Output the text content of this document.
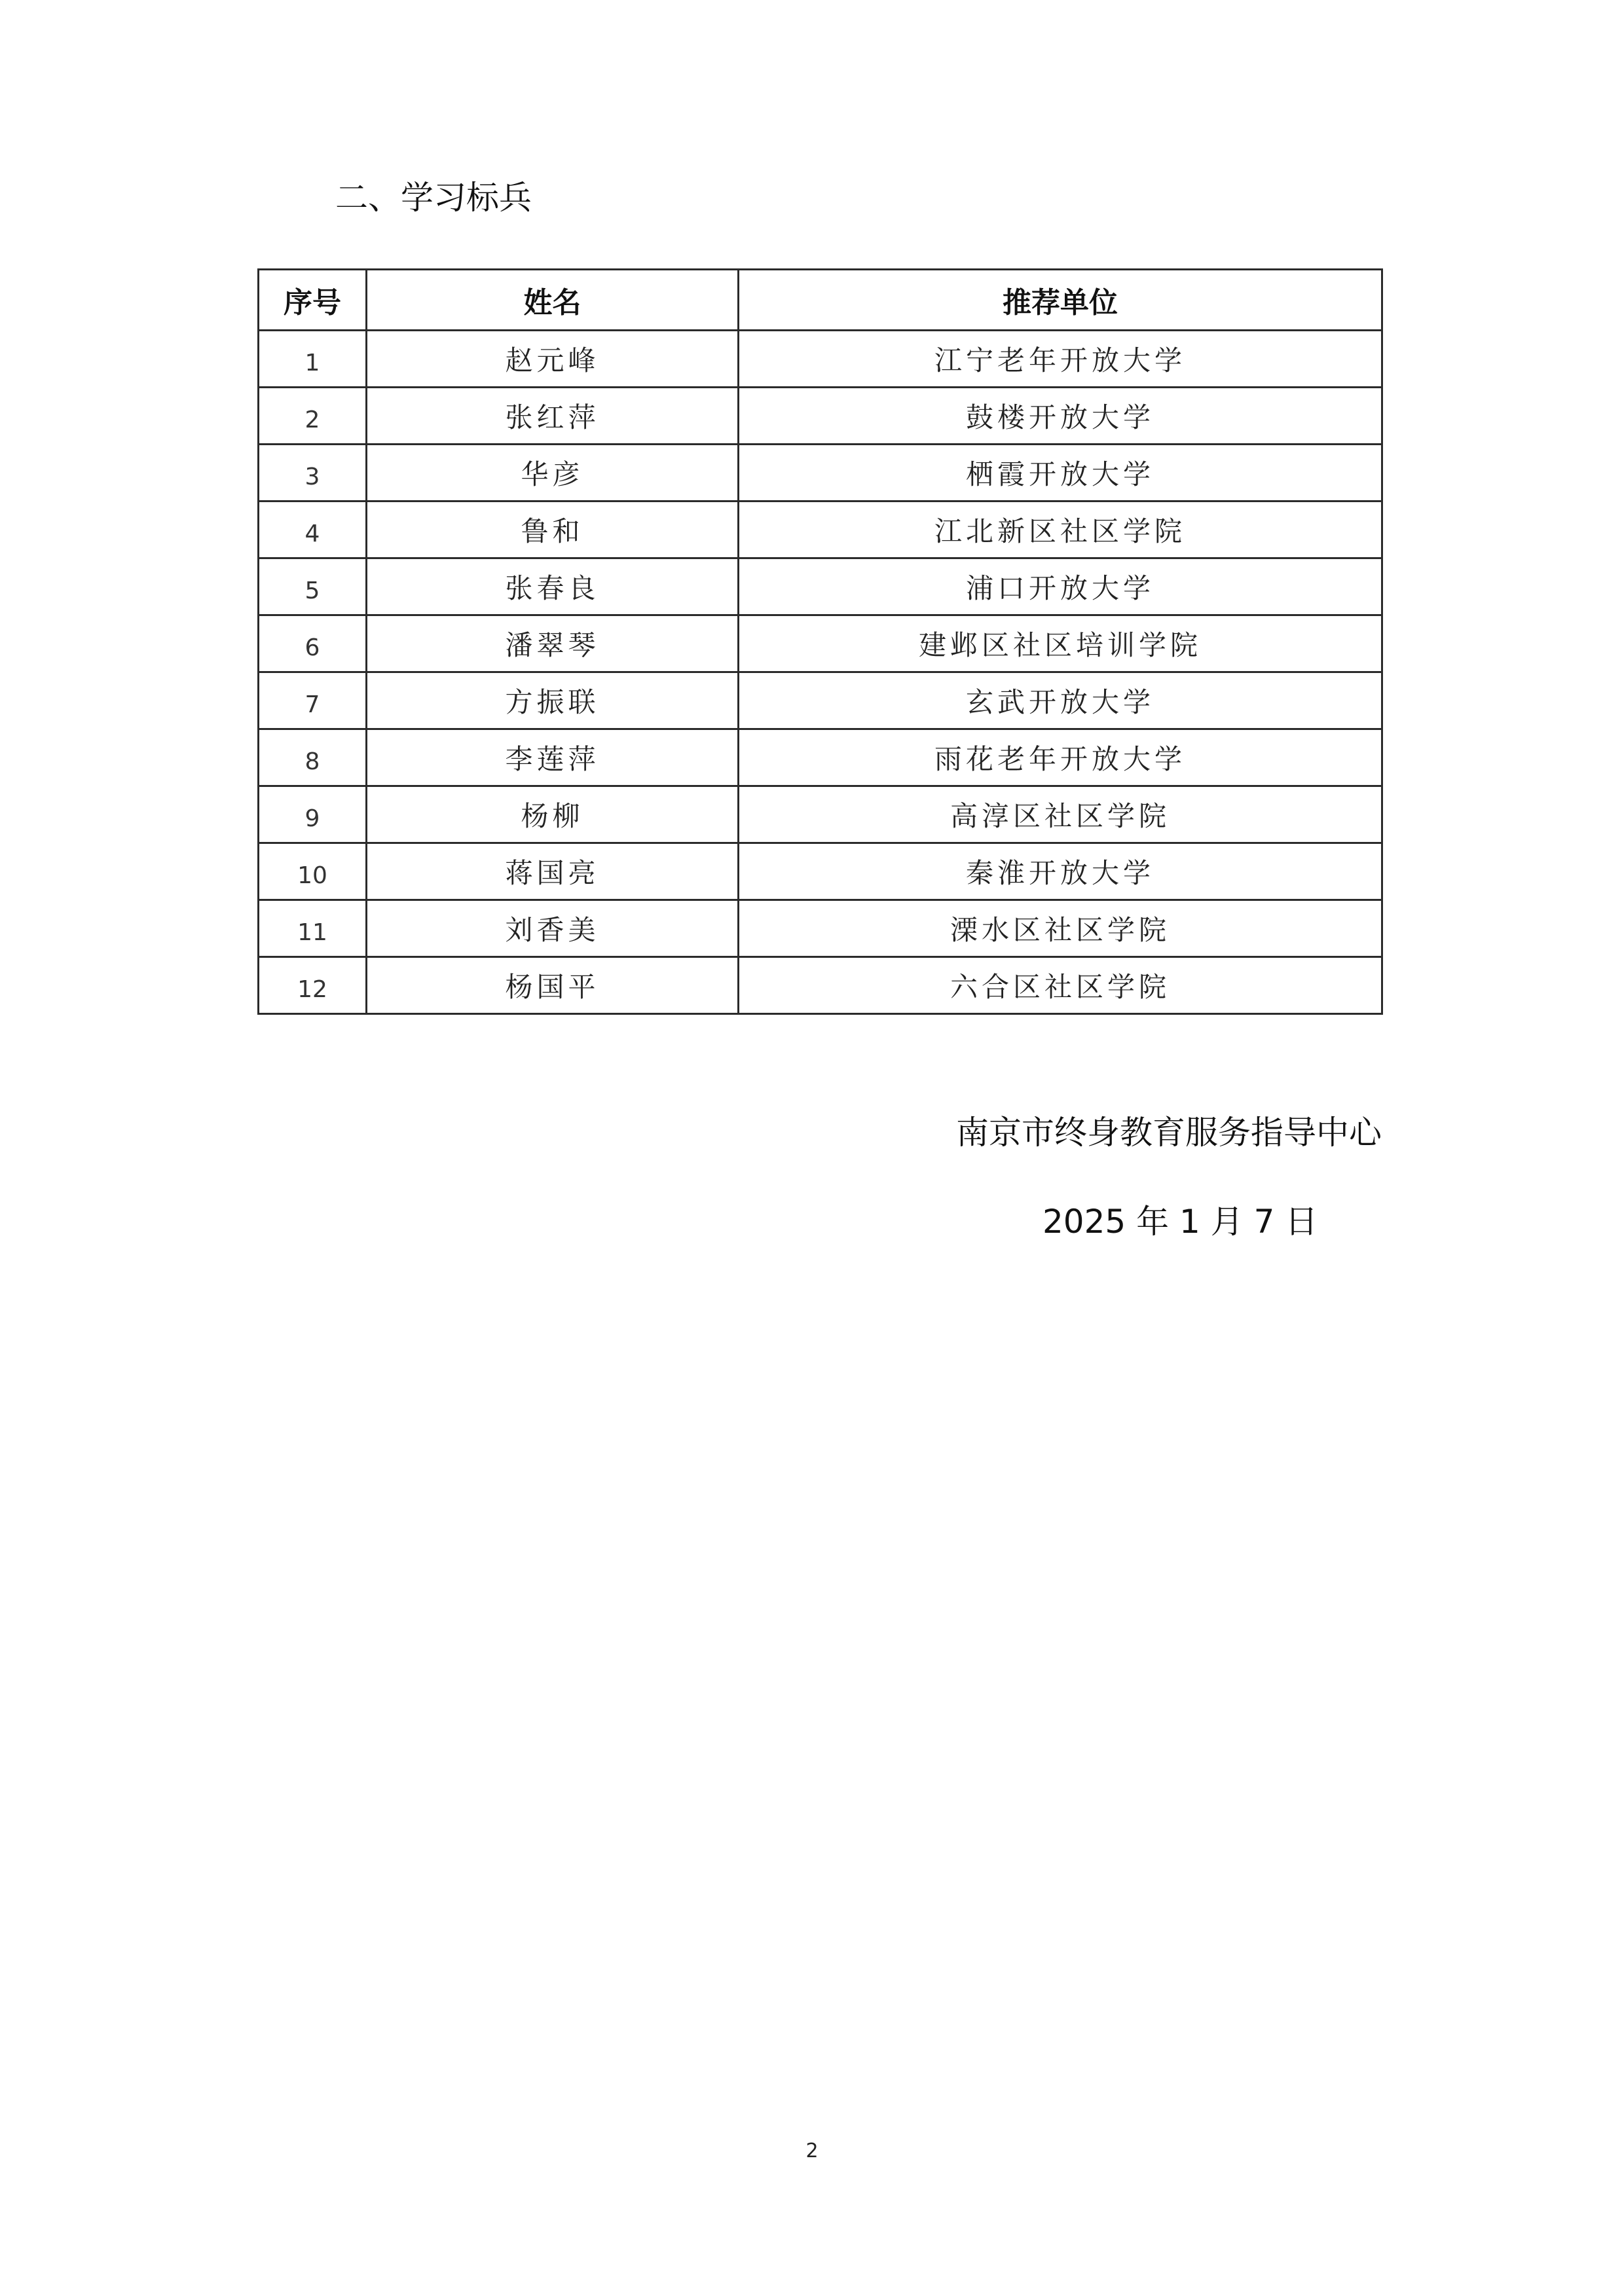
二、学习标兵
序号	姓名	推荐单位
1	赵元峰	江宁老年开放大学
2	张红萍	鼓楼开放大学
3	华彦	栖霞开放大学
4	鲁和	江北新区社区学院
5	张春良	浦口开放大学
6	潘翠琴	建邺区社区培训学院
7	方振联	玄武开放大学
8	李莲萍	雨花老年开放大学
9	杨柳	高淳区社区学院
10	蒋国亮	秦淮开放大学
11	刘香美	溧水区社区学院
12	杨国平	六合区社区学院

南京市终身教育服务指导中心

2025 年 1 月 7 日

2
